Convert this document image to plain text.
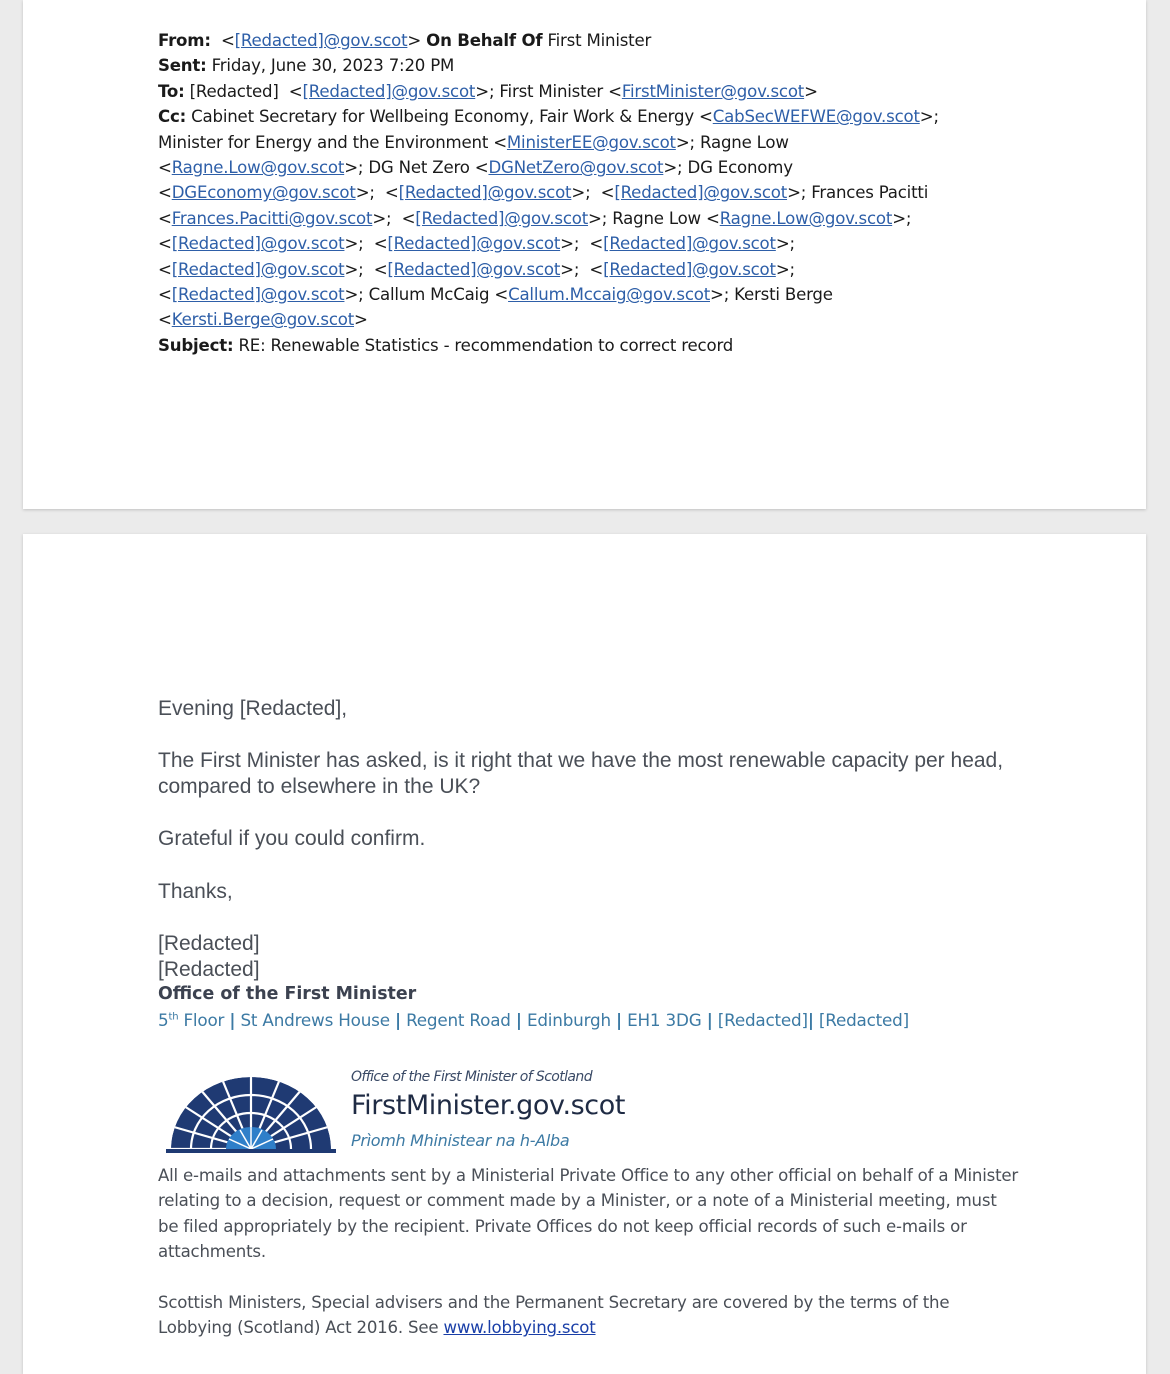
From:  <[Redacted]@gov.scot> On Behalf Of First Minister
Sent: Friday, June 30, 2023 7:20 PM
To: [Redacted]  <[Redacted]@gov.scot>; First Minister <FirstMinister@gov.scot>
Cc: Cabinet Secretary for Wellbeing Economy, Fair Work & Energy <CabSecWEFWE@gov.scot>;
Minister for Energy and the Environment <MinisterEE@gov.scot>; Ragne Low
<Ragne.Low@gov.scot>; DG Net Zero <DGNetZero@gov.scot>; DG Economy
<DGEconomy@gov.scot>;  <[Redacted]@gov.scot>;  <[Redacted]@gov.scot>; Frances Pacitti
<Frances.Pacitti@gov.scot>;  <[Redacted]@gov.scot>; Ragne Low <Ragne.Low@gov.scot>;
<[Redacted]@gov.scot>;  <[Redacted]@gov.scot>;  <[Redacted]@gov.scot>;
<[Redacted]@gov.scot>;  <[Redacted]@gov.scot>;  <[Redacted]@gov.scot>;
<[Redacted]@gov.scot>; Callum McCaig <Callum.Mccaig@gov.scot>; Kersti Berge
<Kersti.Berge@gov.scot>
Subject: RE: Renewable Statistics - recommendation to correct record
Evening [Redacted],
The First Minister has asked, is it right that we have the most renewable capacity per head, compared to elsewhere in the UK?
Grateful if you could confirm.
Thanks,
[Redacted]
[Redacted]
Office of the First Minister
5th Floor | St Andrews House | Regent Road | Edinburgh | EH1 3DG | [Redacted]| [Redacted]
Office of the First Minister of Scotland
FirstMinister.gov.scot
Prìomh Mhinistear na h-Alba
All e-mails and attachments sent by a Ministerial Private Office to any other official on behalf of a Minister relating to a decision, request or comment made by a Minister, or a note of a Ministerial meeting, must be filed appropriately by the recipient. Private Offices do not keep official records of such e-mails or attachments.
Scottish Ministers, Special advisers and the Permanent Secretary are covered by the terms of the Lobbying (Scotland) Act 2016. See www.lobbying.scot
